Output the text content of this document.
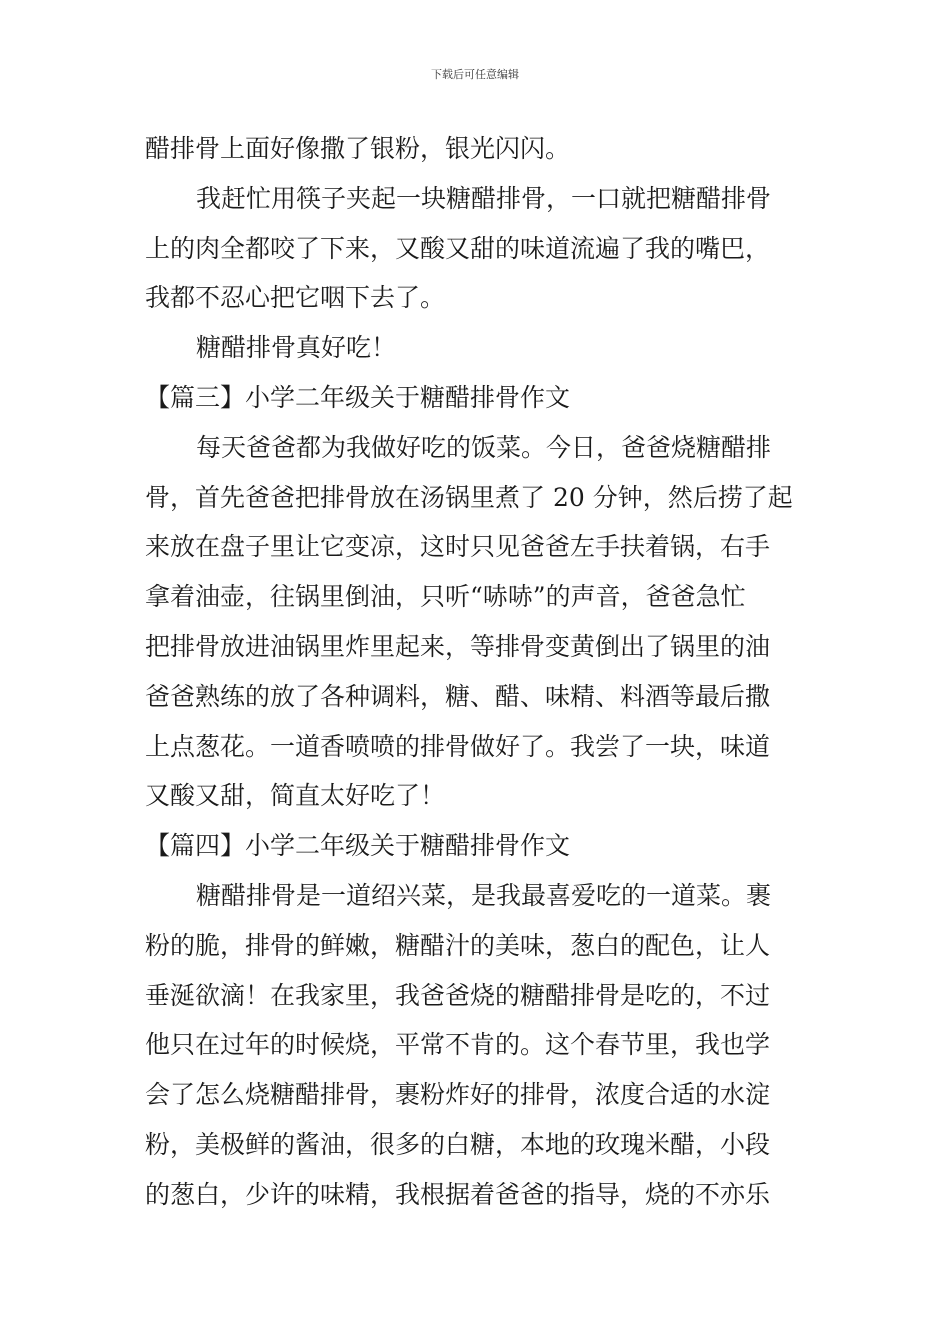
下载后可任意编辑
醋排骨上面好像撒了银粉，银光闪闪。
我赶忙用筷子夹起一块糖醋排骨，一口就把糖醋排骨
上的肉全都咬了下来，又酸又甜的味道流遍了我的嘴巴，
我都不忍心把它咽下去了。
糖醋排骨真好吃！
【篇三】小学二年级关于糖醋排骨作文
每天爸爸都为我做好吃的饭菜。今日，爸爸烧糖醋排
骨，首先爸爸把排骨放在汤锅里煮了 20 分钟，然后捞了起
来放在盘子里让它变凉，这时只见爸爸左手扶着锅，右手
拿着油壶，往锅里倒油，只听“哧哧”的声音，爸爸急忙
把排骨放进油锅里炸里起来，等排骨变黄倒出了锅里的油
爸爸熟练的放了各种调料，糖、醋、味精、料酒等最后撒
上点葱花。一道香喷喷的排骨做好了。我尝了一块，味道
又酸又甜，简直太好吃了！
【篇四】小学二年级关于糖醋排骨作文
糖醋排骨是一道绍兴菜，是我最喜爱吃的一道菜。裹
粉的脆，排骨的鲜嫩，糖醋汁的美味，葱白的配色，让人
垂涎欲滴！在我家里，我爸爸烧的糖醋排骨是吃的，不过
他只在过年的时候烧，平常不肯的。这个春节里，我也学
会了怎么烧糖醋排骨，裹粉炸好的排骨，浓度合适的水淀
粉，美极鲜的酱油，很多的白糖，本地的玫瑰米醋，小段
的葱白，少许的味精，我根据着爸爸的指导，烧的不亦乐
